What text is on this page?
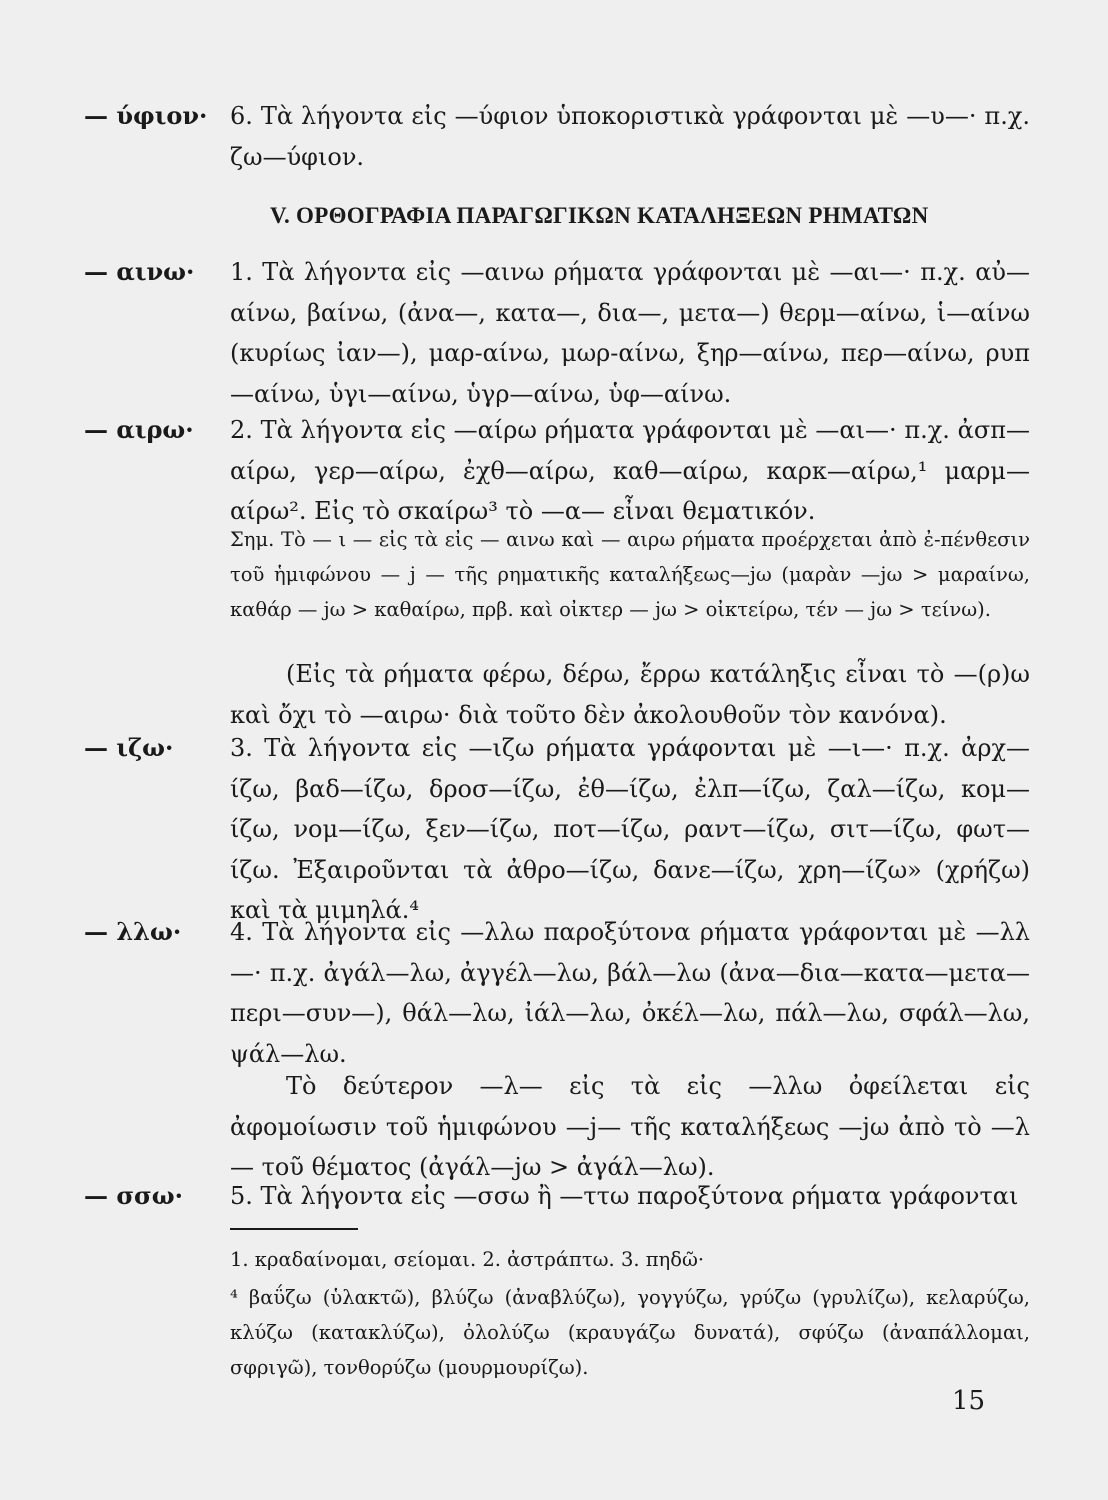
— ύφιον· 6. Τὰ λήγοντα εἰς —ύφιον ὑποκοριστικὰ γράφονται μὲ —υ—· π.χ. ζω—ύφιον.
V. ΟΡΘΟΓΡΑΦΙΑ ΠΑΡΑΓΩΓΙΚΩΝ ΚΑΤΑΛΗΞΕΩΝ ΡΗΜΑΤΩΝ
— αινω·	1. Τὰ λήγοντα εἰς —αινω ρήματα γράφονται μὲ —αι—· π.χ. αὐ—αίνω, βαίνω, (ἀνα—, κατα—, δια—, μετα—) θερμ—αίνω, ἱ—αίνω (κυρίως ἰαν—), μαρ-αίνω, μωρ-αίνω, ξηρ—αίνω, περ—αίνω, ρυπ—αίνω, ὑγι—αίνω, ὑγρ—αίνω, ὑφ—αίνω.
— αιρω·	2. Τὰ λήγοντα εἰς —αίρω ρήματα γράφονται μὲ —αι—· π.χ. ἀσπ—αίρω, γερ—αίρω, ἐχθ—αίρω, καθ—αίρω, καρκ—αίρω,¹ μαρμ—αίρω². Εἰς τὸ σκαίρω³ τὸ —α— εἶναι θεματικόν.
Σημ. Τὸ — ι — εἰς τὰ εἰς — αινω καὶ — αιρω ρήματα προέρχεται ἀπὸ ἐ-πένθεσιν τοῦ ἡμιφώνου — j — τῆς ρηματικῆς καταλήξεως—jω (μαρὰν —jω > μαραίνω, καθάρ — jω > καθαίρω, πρβ. καὶ οἰκτερ — jω > οἰκτείρω, τέν — jω > τείνω).
(Εἰς τὰ ρήματα φέρω, δέρω, ἔρρω κατάληξις εἶναι τὸ —(ρ)ω καὶ ὄχι τὸ —αιρω· διὰ τοῦτο δὲν ἀκολουθοῦν τὸν κανόνα).
— ιζω·	3. Τὰ λήγοντα εἰς —ιζω ρήματα γράφονται μὲ —ι—· π.χ. ἀρχ—ίζω, βαδ—ίζω, δροσ—ίζω, ἐθ—ίζω, ἐλπ—ίζω, ζαλ—ίζω, κομ—ίζω, νομ—ίζω, ξεν—ίζω, ποτ—ίζω, ραντ—ίζω, σιτ—ίζω, φωτ—ίζω. Ἐξαιροῦνται τὰ ἀθρο—ίζω, δανε—ίζω, χρη—ίζω» (χρήζω) καὶ τὰ μιμηλά.⁴
— λλω·	4. Τὰ λήγοντα εἰς —λλω παροξύτονα ρήματα γράφονται μὲ —λλ—· π.χ. ἀγάλ—λω, ἀγγέλ—λω, βάλ—λω (ἀνα—δια—κατα—μετα—περι—συν—), θάλ—λω, ἰάλ—λω, ὀκέλ—λω, πάλ—λω, σφάλ—λω, ψάλ—λω.
Τὸ δεύτερον —λ— εἰς τὰ εἰς —λλω ὀφείλεται εἰς ἀφομοίωσιν τοῦ ἡμιφώνου —j— τῆς καταλήξεως —jω ἀπὸ τὸ —λ— τοῦ θέματος (ἀγάλ—jω > ἀγάλ—λω).
— σσω·	5. Τὰ λήγοντα εἰς —σσω ἢ —ττω παροξύτονα ρήματα γράφονται
1. κραδαίνομαι, σείομαι. 2. ἀστράπτω. 3. πηδῶ·
⁴ βαΰζω (ὑλακτῶ), βλύζω (ἀναβλύζω), γογγύζω, γρύζω (γρυλίζω), κελαρύζω, κλύζω (κατακλύζω), ὀλολύζω (κραυγάζω δυνατά), σφύζω (ἀναπάλλομαι, σφριγῶ), τονθορύζω (μουρμουρίζω).
15
